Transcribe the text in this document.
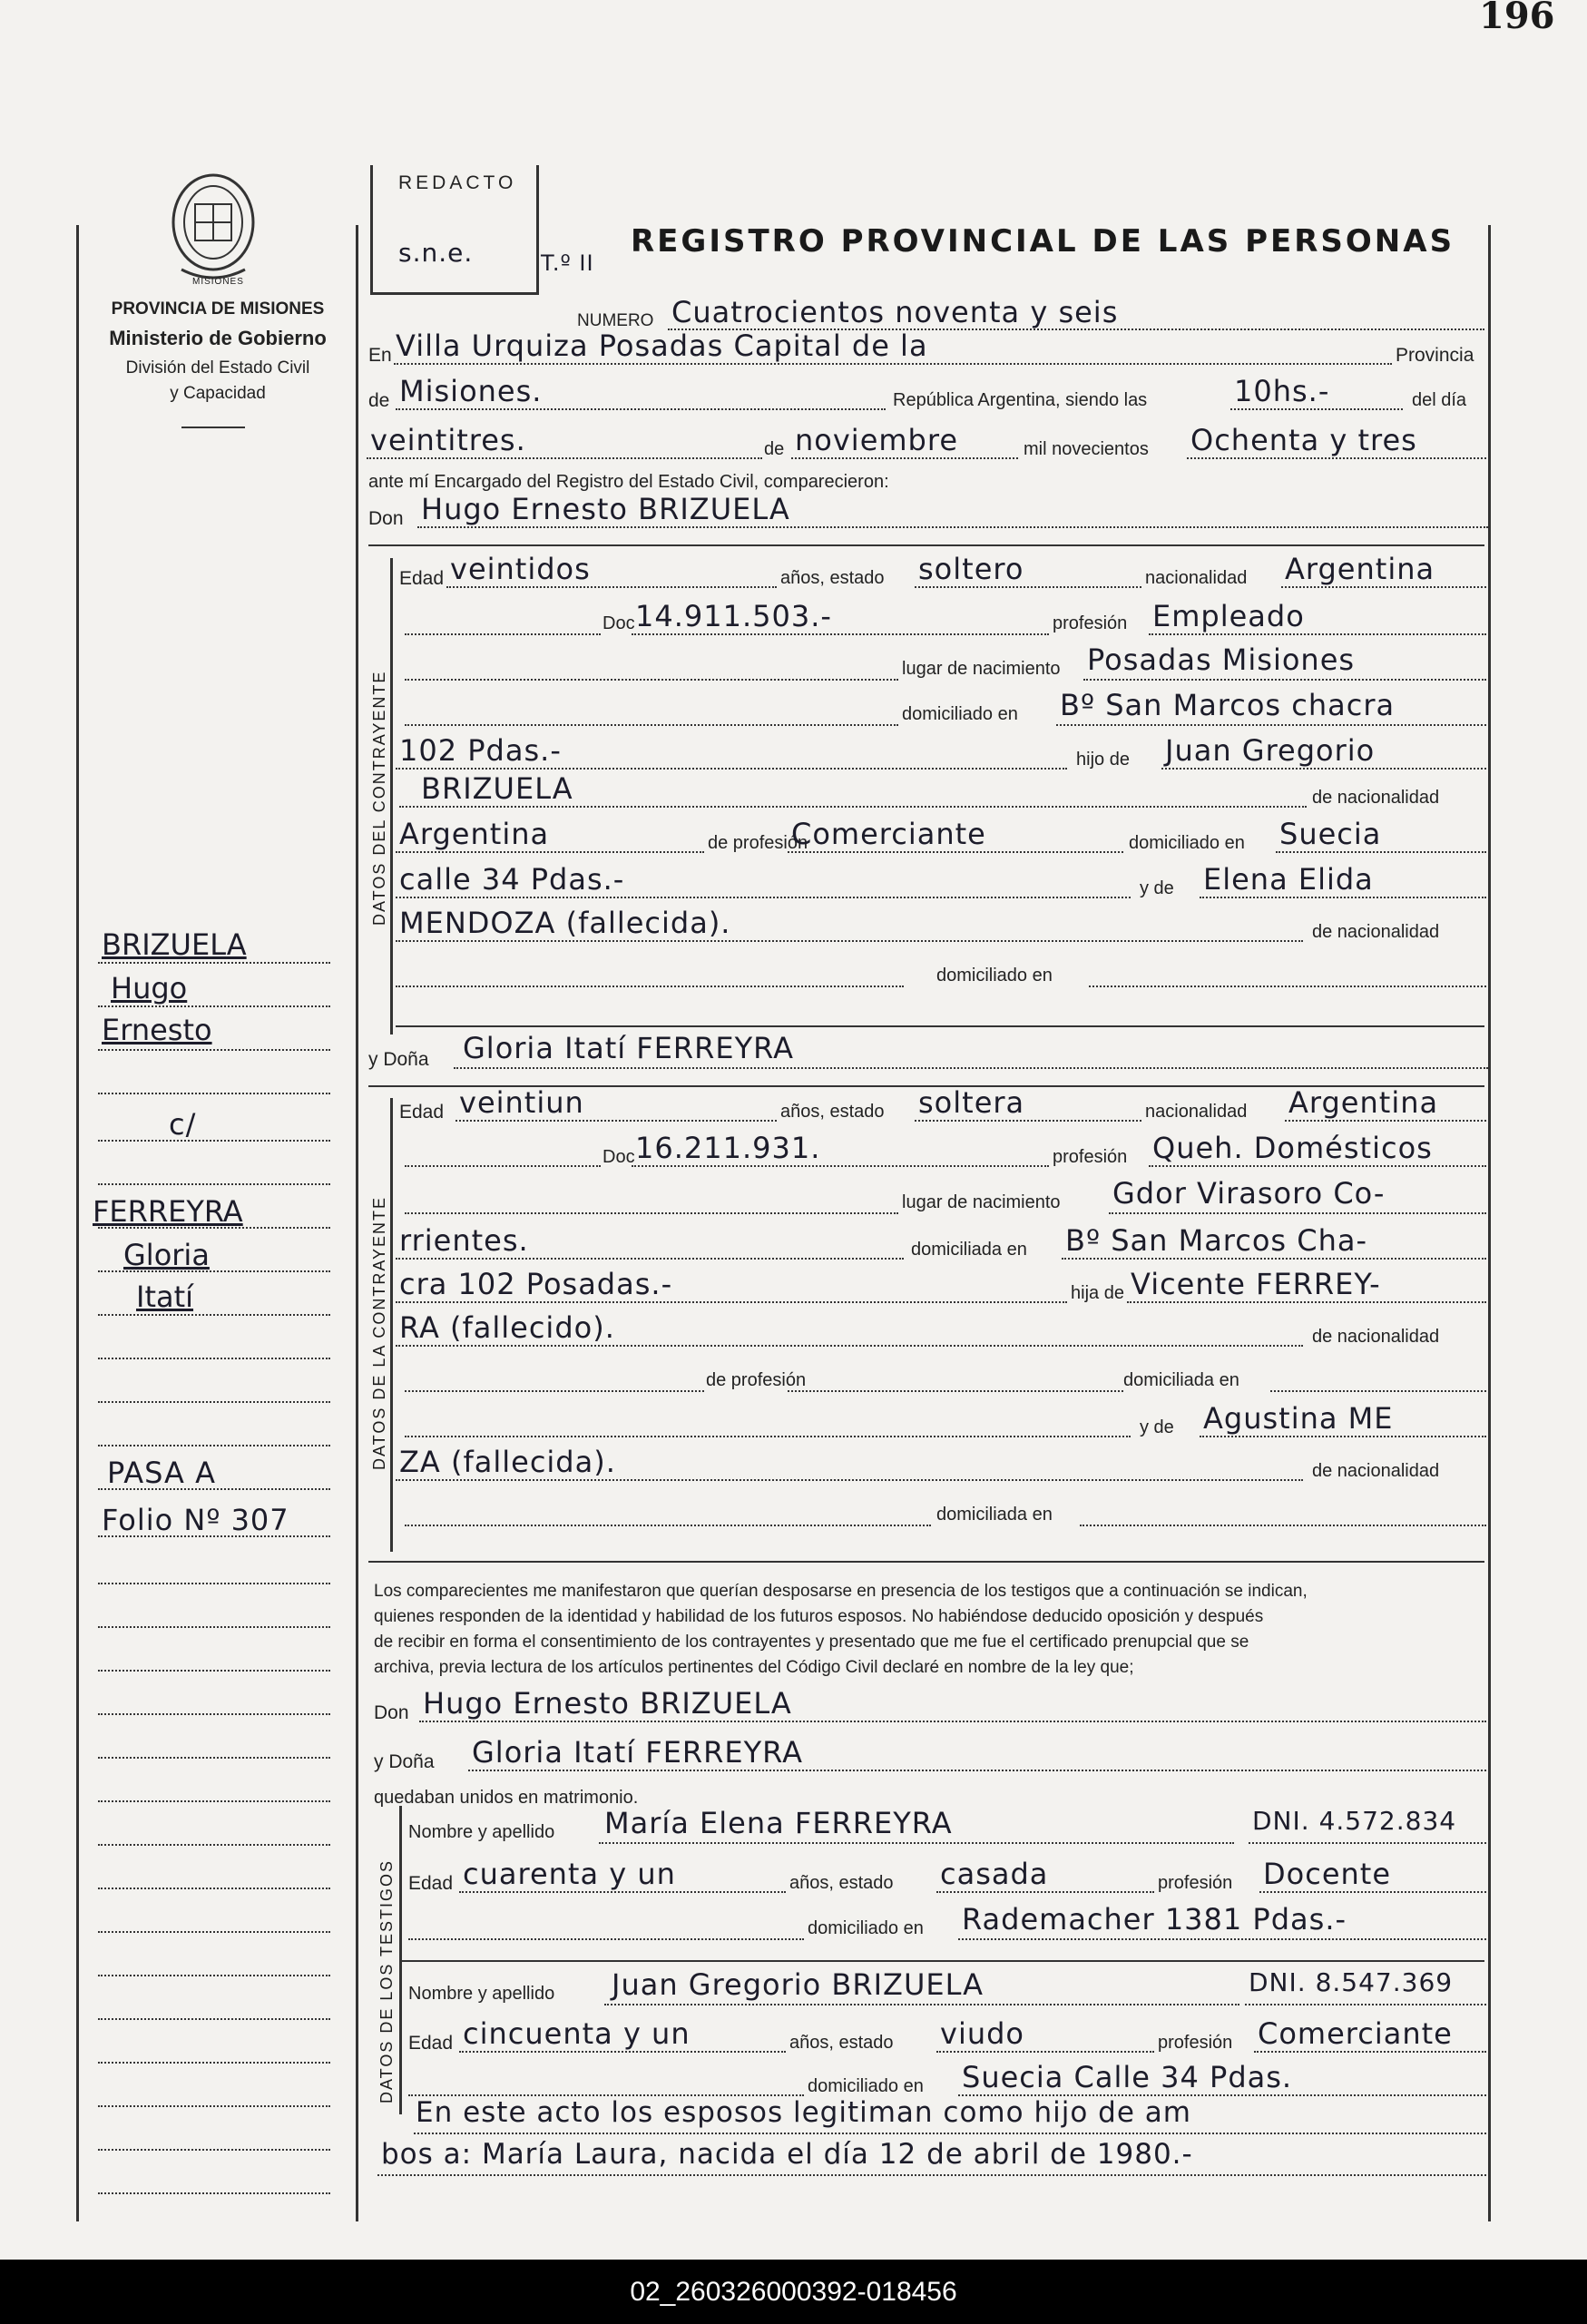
196
MISIONES
PROVINCIA DE MISIONES
Ministerio de Gobierno
División del Estado Civil
y Capacidad
REDACTO
s.n.e.	T.º II
REGISTRO PROVINCIAL DE LAS PERSONAS
NUMERO Cuatrocientos noventa y seis
En Villa Urquiza Posadas Capital de la	Provincia
de Misiones.	República Argentina, siendo las	10hs.-	del día
veintitres.	de noviembre	mil novecientos Ochenta y tres
ante mí Encargado del Registro del Estado Civil, comparecieron:
Don Hugo Ernesto BRIZUELA
DATOS DEL CONTRAYENTE
Edad veintidos	años, estado soltero	nacionalidad Argentina
Doc 14.911.503.-	profesión Empleado
lugar de nacimiento Posadas Misiones
domiciliado en Bº San Marcos chacra
102 Pdas.-	hijo de Juan Gregorio
BRIZUELA	de nacionalidad
Argentina	de profesión
Comerciante	domiciliado en Suecia
calle 34 Pdas.-	y de Elena Elida
MENDOZA (fallecida).	de nacionalidad
domiciliado en
y Doña Gloria Itatí FERREYRA
DATOS DE LA CONTRAYENTE
Edad veintiun	años, estado soltera	nacionalidad Argentina
Doc 16.211.931.	profesión Queh. Domésticos
lugar de nacimiento Gdor Virasoro Co-
rrientes.	domiciliada en Bº San Marcos Cha-
cra 102 Posadas.-	hija de Vicente FERREY-
RA (fallecido).	de nacionalidad
de profesión	domiciliada en
y de Agustina ME
ZA (fallecida).	de nacionalidad
domiciliada en
Los comparecientes me manifestaron que querían desposarse en presencia de los testigos que a continuación se indican,
quienes responden de la identidad y habilidad de los futuros esposos. No habiéndose deducido oposición y después
de recibir en forma el consentimiento de los contrayentes y presentado que me fue el certificado prenupcial que se
archiva, previa lectura de los artículos pertinentes del Código Civil declaré en nombre de la ley que;
Don Hugo Ernesto BRIZUELA
y Doña Gloria Itatí FERREYRA
quedaban unidos en matrimonio.
DATOS DE LOS TESTIGOS
Nombre y apellido María Elena FERREYRA	DNI. 4.572.834
Edad cuarenta y un	años, estado casada	profesión Docente
domiciliado en Rademacher 1381 Pdas.-
Nombre y apellido Juan Gregorio BRIZUELA	DNI. 8.547.369
Edad cincuenta y un	años, estado viudo	profesión Comerciante
domiciliado en Suecia Calle 34 Pdas.
En este acto los esposos legitiman como hijo de am
bos a: María Laura, nacida el día 12 de abril de 1980.-
BRIZUELA
Hugo
Ernesto
c/
FERREYRA
Gloria
Itatí
PASA A
Folio Nº 307
02_260326000392-018456
